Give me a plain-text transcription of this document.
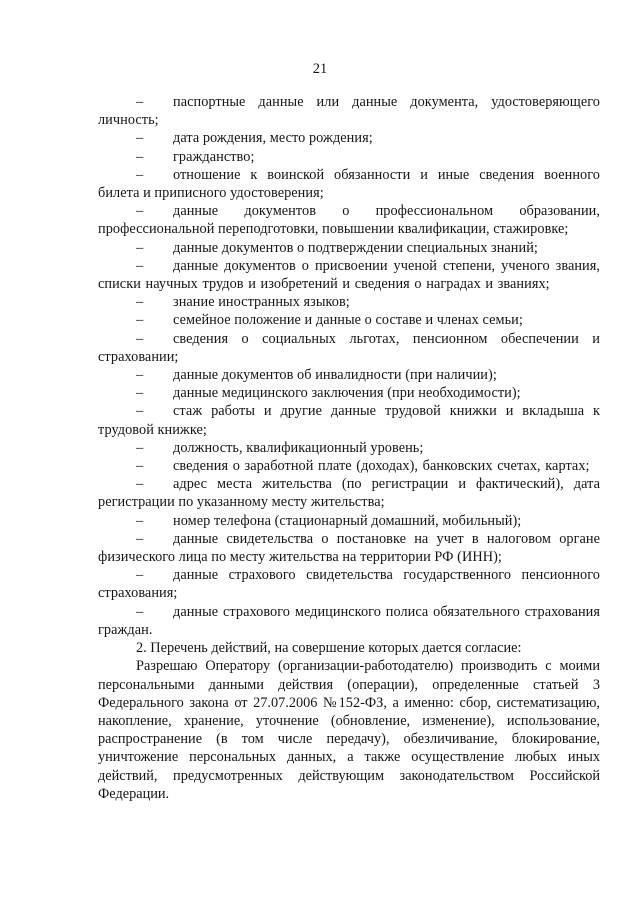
21
–	паспортные данные или данные документа, удостоверяющего личность;
–	дата рождения, место рождения;
–	гражданство;
–	отношение к воинской обязанности и иные сведения военного билета и приписного удостоверения;
–	данные документов о профессиональном образовании, профессиональной переподготовки, повышении квалификации, стажировке;
–	данные документов о подтверждении специальных знаний;
–	данные документов о присвоении ученой степени, ученого звания, списки научных трудов и изобретений и сведения о наградах и званиях;
–	знание иностранных языков;
–	семейное положение и данные о составе и членах семьи;
–	сведения о социальных льготах, пенсионном обеспечении и страховании;
–	данные документов об инвалидности (при наличии);
–	данные медицинского заключения (при необходимости);
–	стаж работы и другие данные трудовой книжки и вкладыша к трудовой книжке;
–	должность, квалификационный уровень;
–	сведения о заработной плате (доходах), банковских счетах, картах;
–	адрес места жительства (по регистрации и фактический), дата регистрации по указанному месту жительства;
–	номер телефона (стационарный домашний, мобильный);
–	данные свидетельства о постановке на учет в налоговом органе физического лица по месту жительства на территории РФ (ИНН);
–	данные страхового свидетельства государственного пенсионного страхования;
–	данные страхового медицинского полиса обязательного страхования граждан.
2. Перечень действий, на совершение которых дается согласие:
Разрешаю Оператору (организации-работодателю) производить с моими персональными данными действия (операции), определенные статьей 3 Федерального закона от 27.07.2006 №152-ФЗ, а именно: сбор, систематизацию, накопление, хранение, уточнение (обновление, изменение), использование, распространение (в том числе передачу), обезличивание, блокирование, уничтожение персональных данных, а также осуществление любых иных действий, предусмотренных действующим законодательством Российской Федерации.
